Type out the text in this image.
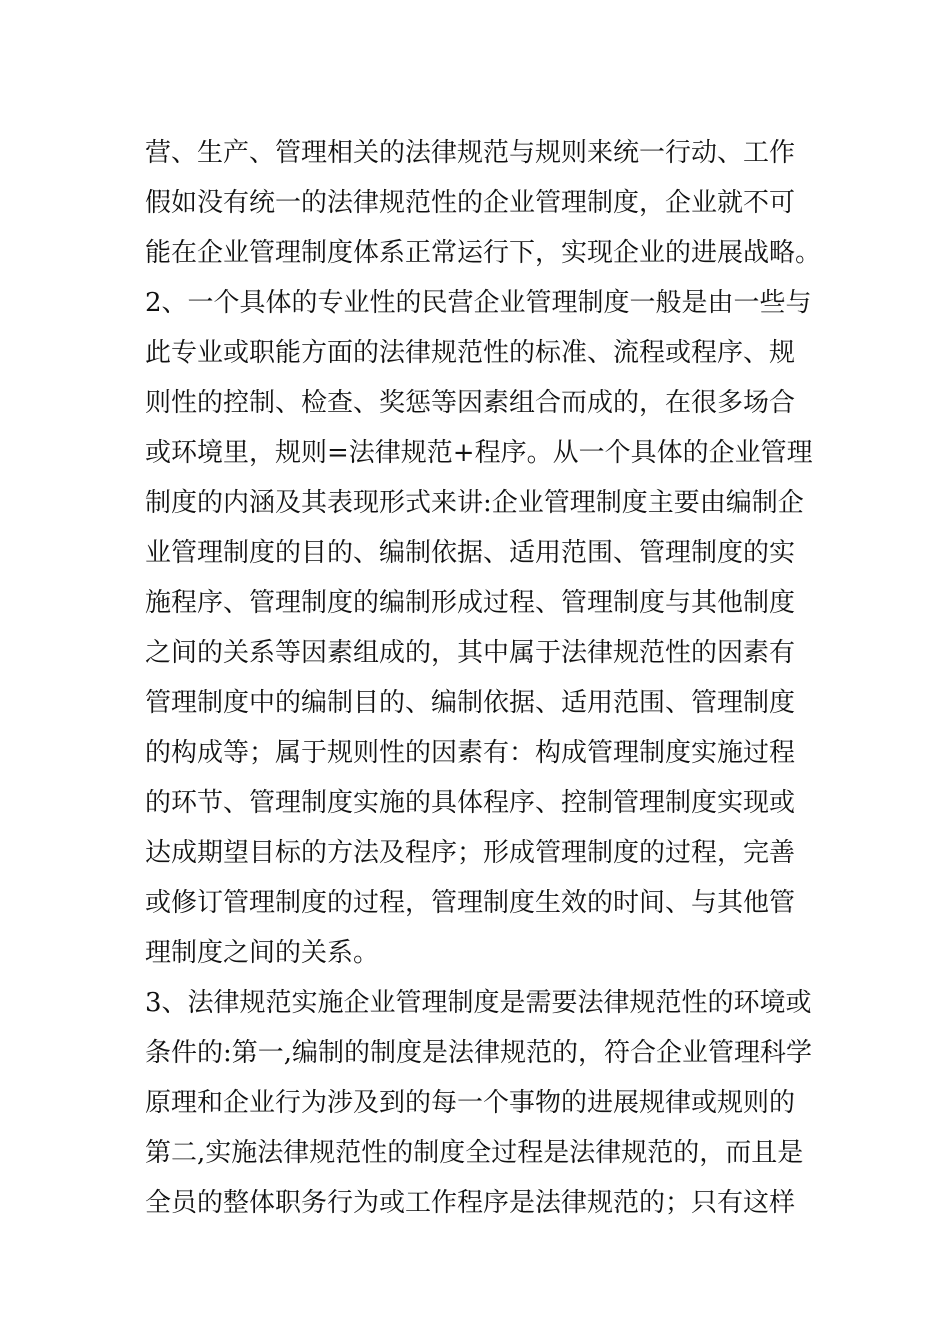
营、生产、管理相关的法律规范与规则来统一行动、工作
假如没有统一的法律规范性的企业管理制度，企业就不可
能在企业管理制度体系正常运行下，实现企业的进展战略。
2、一个具体的专业性的民营企业管理制度一般是由一些与
此专业或职能方面的法律规范性的标准、流程或程序、规
则性的控制、检查、奖惩等因素组合而成的，在很多场合
或环境里，规则=法律规范+程序。从一个具体的企业管理
制度的内涵及其表现形式来讲:企业管理制度主要由编制企
业管理制度的目的、编制依据、适用范围、管理制度的实
施程序、管理制度的编制形成过程、管理制度与其他制度
之间的关系等因素组成的，其中属于法律规范性的因素有
管理制度中的编制目的、编制依据、适用范围、管理制度
的构成等；属于规则性的因素有：构成管理制度实施过程
的环节、管理制度实施的具体程序、控制管理制度实现或
达成期望目标的方法及程序；形成管理制度的过程，完善
或修订管理制度的过程，管理制度生效的时间、与其他管
理制度之间的关系。
3、法律规范实施企业管理制度是需要法律规范性的环境或
条件的:第一,编制的制度是法律规范的，符合企业管理科学
原理和企业行为涉及到的每一个事物的进展规律或规则的
第二,实施法律规范性的制度全过程是法律规范的，而且是
全员的整体职务行为或工作程序是法律规范的；只有这样
